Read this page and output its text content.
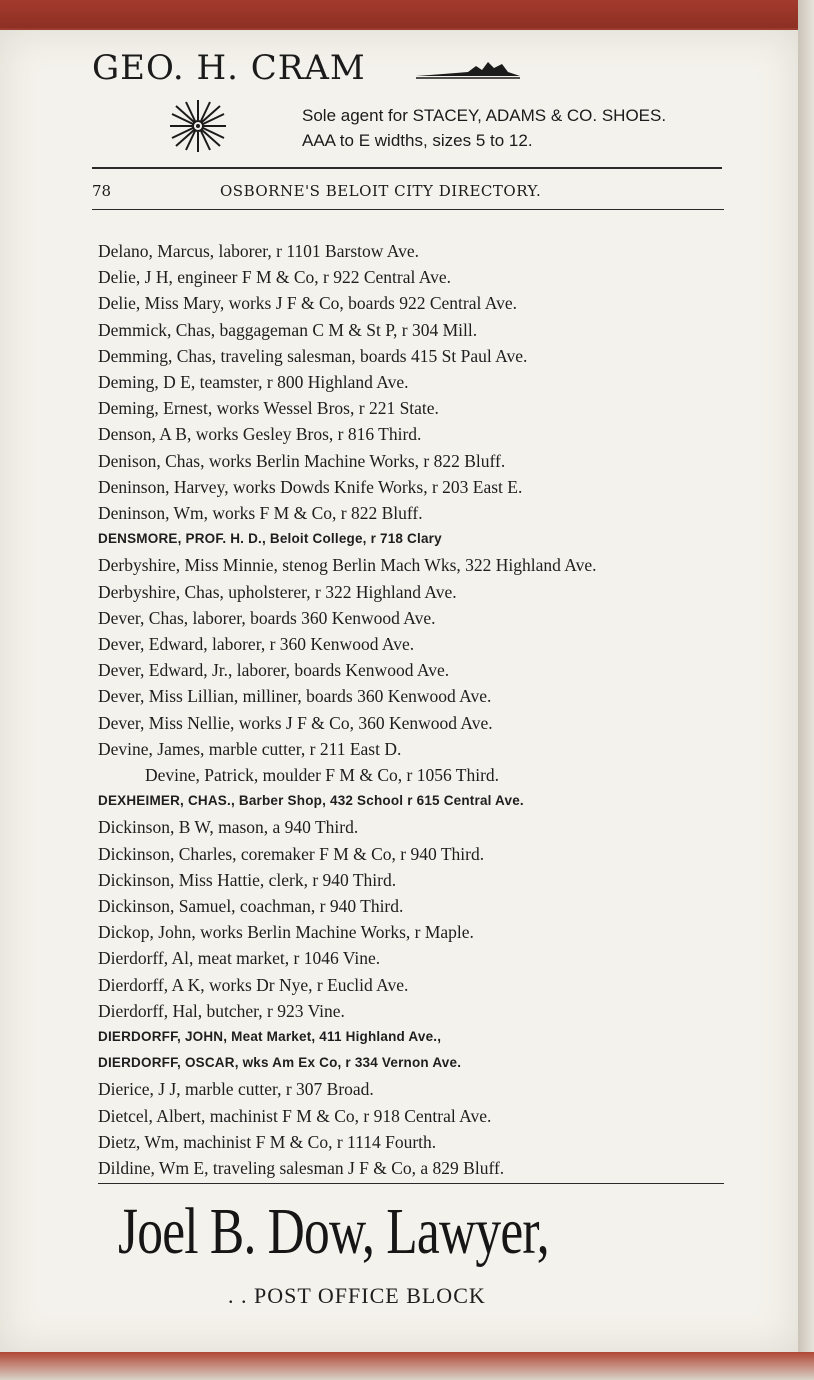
GEO. H. CRAM
Sole agent for STACEY, ADAMS & CO. SHOES.
AAA to E widths, sizes 5 to 12.
78	OSBORNE'S BELOIT CITY DIRECTORY.
Delano, Marcus, laborer, r 1101 Barstow Ave.
Delie, J H, engineer F M & Co, r 922 Central Ave.
Delie, Miss Mary, works J F & Co, boards 922 Central Ave.
Demmick, Chas, baggageman C M & St P, r 304 Mill.
Demming, Chas, traveling salesman, boards 415 St Paul Ave.
Deming, D E, teamster, r 800 Highland Ave.
Deming, Ernest, works Wessel Bros, r 221 State.
Denson, A B, works Gesley Bros, r 816 Third.
Denison, Chas, works Berlin Machine Works, r 822 Bluff.
Deninson, Harvey, works Dowds Knife Works, r 203 East E.
Deninson, Wm, works F M & Co, r 822 Bluff.
DENSMORE, PROF. H. D., Beloit College, r 718 Clary
Derbyshire, Miss Minnie, stenog Berlin Mach Wks, 322 Highland Ave.
Derbyshire, Chas, upholsterer, r 322 Highland Ave.
Dever, Chas, laborer, boards 360 Kenwood Ave.
Dever, Edward, laborer, r 360 Kenwood Ave.
Dever, Edward, Jr., laborer, boards Kenwood Ave.
Dever, Miss Lillian, milliner, boards 360 Kenwood Ave.
Dever, Miss Nellie, works J F & Co, 360 Kenwood Ave.
Devine, James, marble cutter, r 211 East D.
Devine, Patrick, moulder F M & Co, r 1056 Third.
DEXHEIMER, CHAS., Barber Shop, 432 School r 615 Central Ave.
Dickinson, B W, mason, a 940 Third.
Dickinson, Charles, coremaker F M & Co, r 940 Third.
Dickinson, Miss Hattie, clerk, r 940 Third.
Dickinson, Samuel, coachman, r 940 Third.
Dickop, John, works Berlin Machine Works, r Maple.
Dierdorff, Al, meat market, r 1046 Vine.
Dierdorff, A K, works Dr Nye, r Euclid Ave.
Dierdorff, Hal, butcher, r 923 Vine.
DIERDORFF, JOHN, Meat Market, 411 Highland Ave.,
DIERDORFF, OSCAR, wks Am Ex Co, r 334 Vernon Ave.
Dierice, J J, marble cutter, r 307 Broad.
Dietcel, Albert, machinist F M & Co, r 918 Central Ave.
Dietz, Wm, machinist F M & Co, r 1114 Fourth.
Dildine, Wm E, traveling salesman J F & Co, a 829 Bluff.
Joel B. Dow, Lawyer,
. . POST OFFICE BLOCK
